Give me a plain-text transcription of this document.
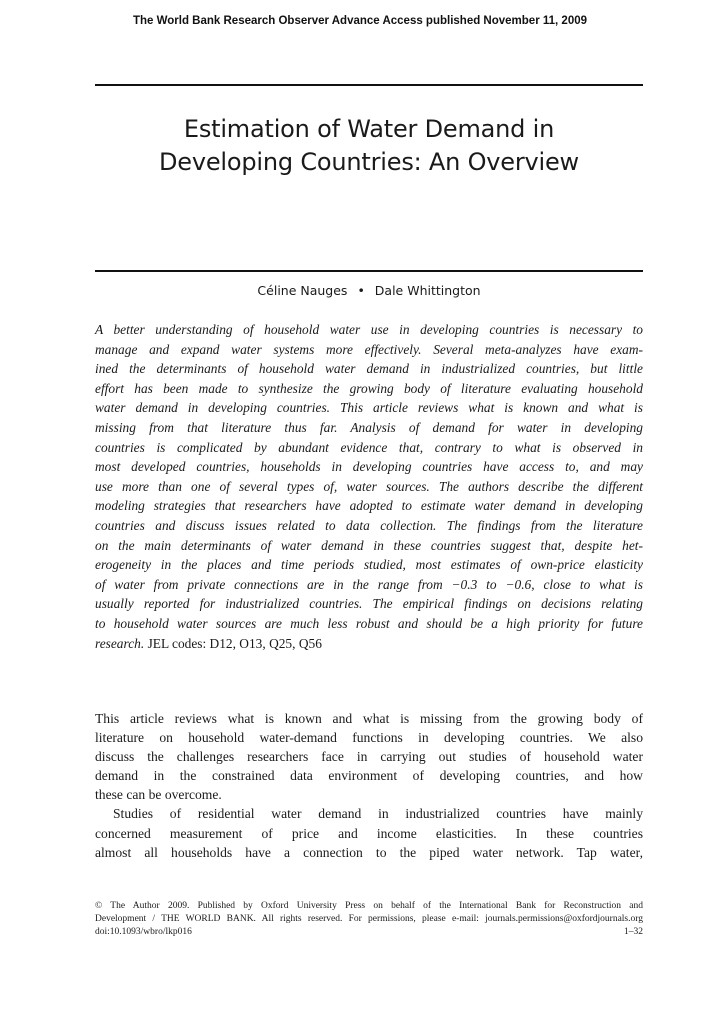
The World Bank Research Observer Advance Access published November 11, 2009
Estimation of Water Demand in
Developing Countries: An Overview
Céline Nauges • Dale Whittington
A better understanding of household water use in developing countries is necessary to
manage and expand water systems more effectively. Several meta-analyzes have exam-
ined the determinants of household water demand in industrialized countries, but little
effort has been made to synthesize the growing body of literature evaluating household
water demand in developing countries. This article reviews what is known and what is
missing from that literature thus far. Analysis of demand for water in developing
countries is complicated by abundant evidence that, contrary to what is observed in
most developed countries, households in developing countries have access to, and may
use more than one of several types of, water sources. The authors describe the different
modeling strategies that researchers have adopted to estimate water demand in developing
countries and discuss issues related to data collection. The findings from the literature
on the main determinants of water demand in these countries suggest that, despite het-
erogeneity in the places and time periods studied, most estimates of own-price elasticity
of water from private connections are in the range from −0.3 to −0.6, close to what is
usually reported for industrialized countries. The empirical findings on decisions relating
to household water sources are much less robust and should be a high priority for future
research. JEL codes: D12, O13, Q25, Q56
This article reviews what is known and what is missing from the growing body of
literature on household water-demand functions in developing countries. We also
discuss the challenges researchers face in carrying out studies of household water
demand in the constrained data environment of developing countries, and how
these can be overcome.
Studies of residential water demand in industrialized countries have mainly
concerned measurement of price and income elasticities. In these countries
almost all households have a connection to the piped water network. Tap water,
© The Author 2009. Published by Oxford University Press on behalf of the International Bank for Reconstruction and
Development / THE WORLD BANK. All rights reserved. For permissions, please e-mail: journals.permissions@oxfordjournals.org
doi:10.1093/wbro/lkp016	1–32
